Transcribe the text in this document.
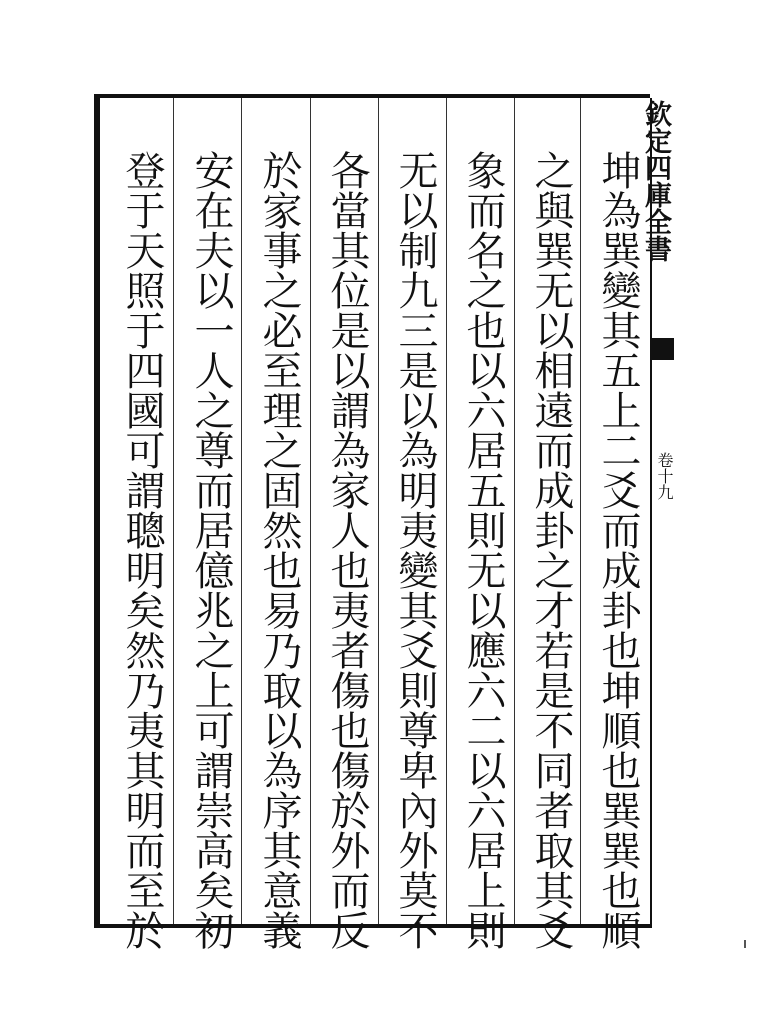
欽定四庫全書
卷十九
坤為巽變其五上二爻而成卦也坤順也巽巽也順
之與巽无以相遠而成卦之才若是不同者取其爻
象而名之也以六居五則无以應六二以六居上則
无以制九三是以為明夷變其爻則尊卑內外莫不
各當其位是以謂為家人也夷者傷也傷於外而反
於家事之必至理之固然也易乃取以為序其意義
安在夫以一人之尊而居億兆之上可謂崇高矣初
登于天照于四國可謂聰明矣然乃夷其明而至於
